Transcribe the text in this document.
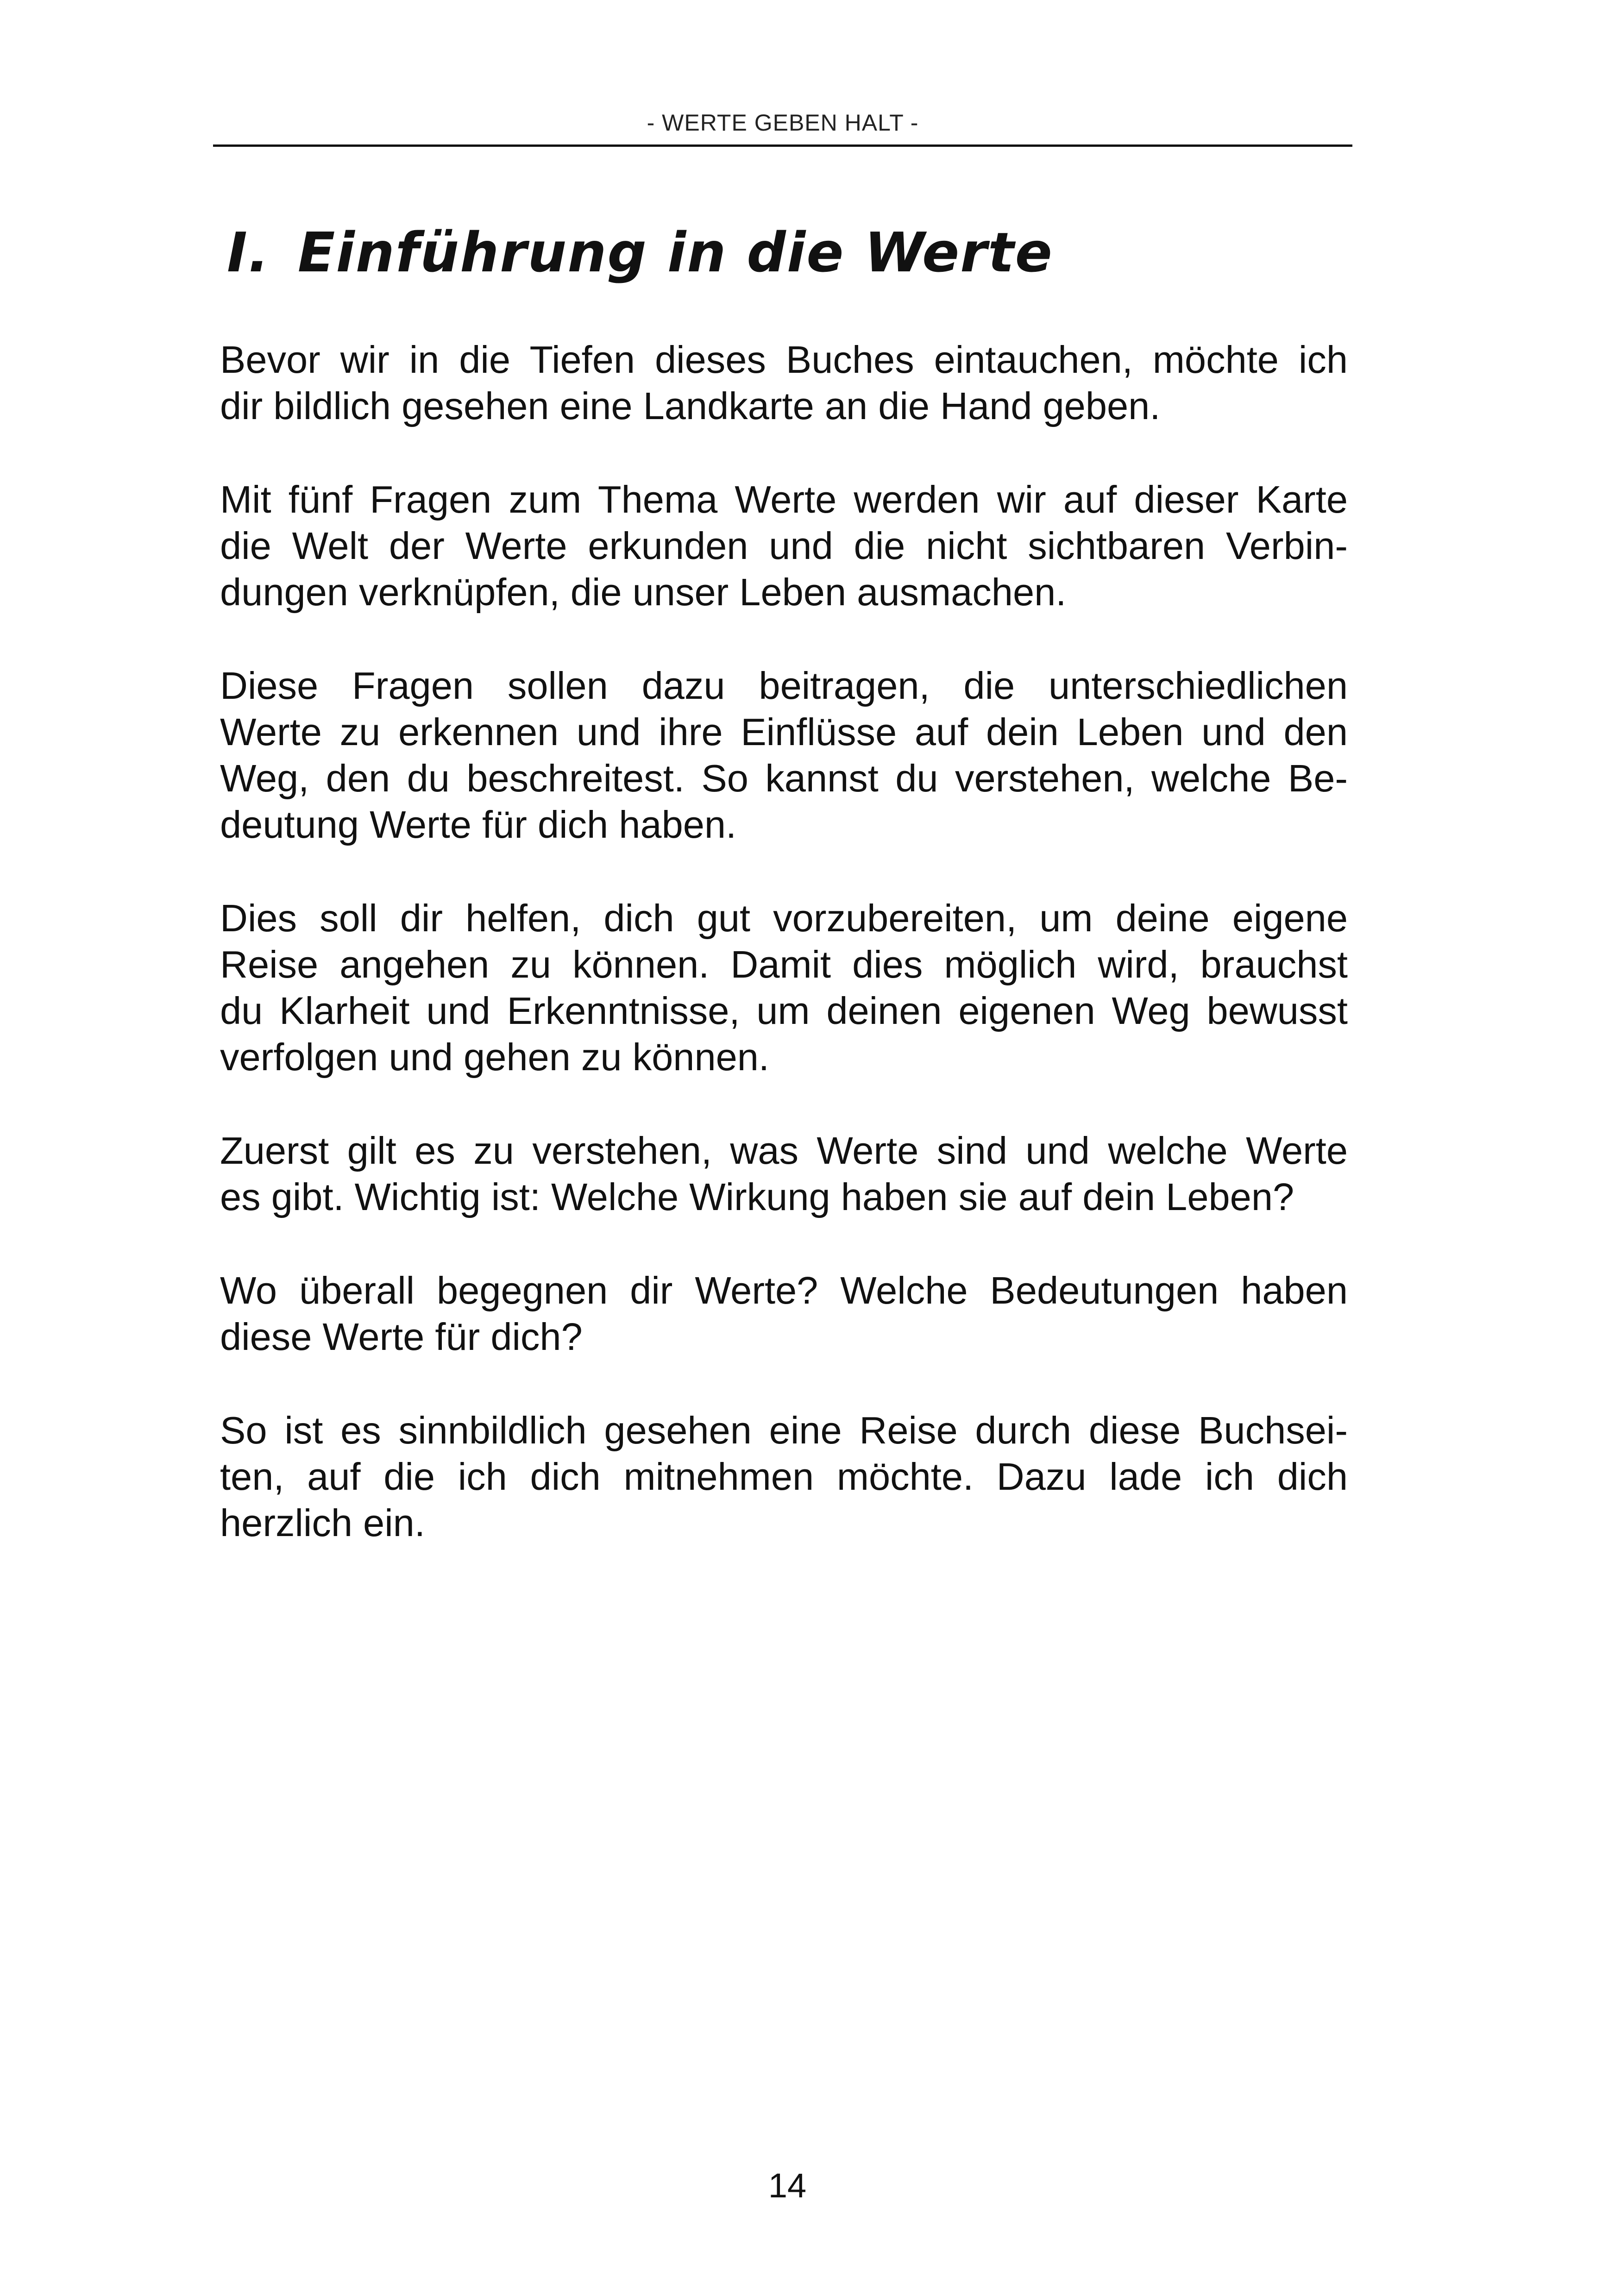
- WERTE GEBEN HALT -
I. Einführung in die Werte

Bevor wir in die Tiefen dieses Buches eintauchen, möchte ich
dir bildlich gesehen eine Landkarte an die Hand geben.

Mit fünf Fragen zum Thema Werte werden wir auf dieser Karte
die Welt der Werte erkunden und die nicht sichtbaren Verbin-
dungen verknüpfen, die unser Leben ausmachen.

Diese Fragen sollen dazu beitragen, die unterschiedlichen
Werte zu erkennen und ihre Einflüsse auf dein Leben und den
Weg, den du beschreitest. So kannst du verstehen, welche Be-
deutung Werte für dich haben.

Dies soll dir helfen, dich gut vorzubereiten, um deine eigene
Reise angehen zu können. Damit dies möglich wird, brauchst
du Klarheit und Erkenntnisse, um deinen eigenen Weg bewusst
verfolgen und gehen zu können.

Zuerst gilt es zu verstehen, was Werte sind und welche Werte
es gibt. Wichtig ist: Welche Wirkung haben sie auf dein Leben?

Wo überall begegnen dir Werte? Welche Bedeutungen haben
diese Werte für dich?

So ist es sinnbildlich gesehen eine Reise durch diese Buchsei-
ten, auf die ich dich mitnehmen möchte. Dazu lade ich dich
herzlich ein.

14
